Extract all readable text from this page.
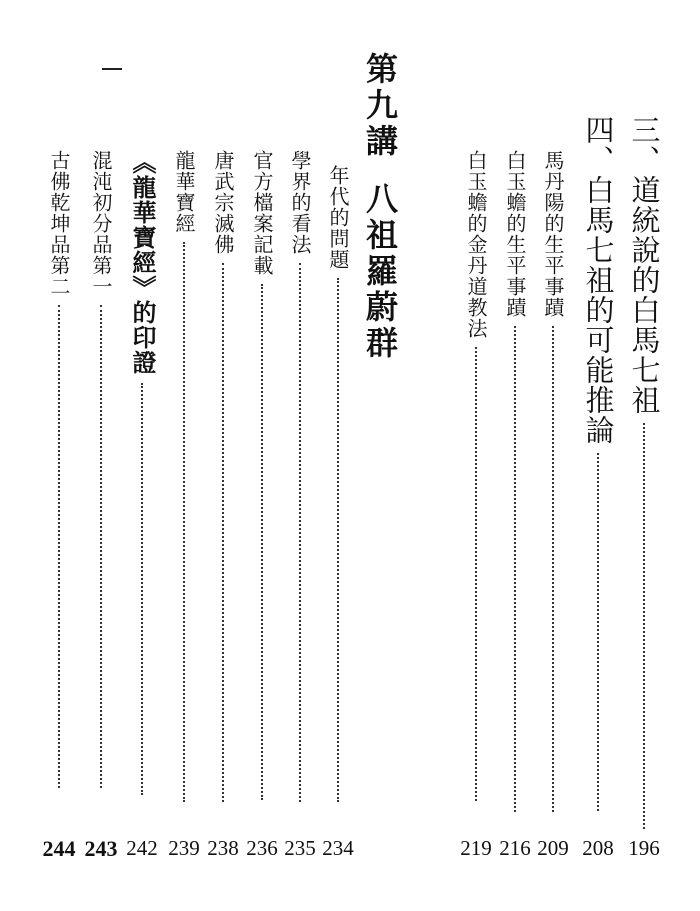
第九講八祖羅蔚群	三、道統說的白馬七祖
196
四、白馬七祖的可能推論
208
馬丹陽的生平事蹟
209
白玉蟾的生平事蹟
216
白玉蟾的金丹道教法
219
年代的問題
234
學界的看法
235
官方檔案記載
236
唐武宗滅佛
238
龍華寶經
239
《龍華寶經》的印證
242
混沌初分品第一
243
古佛乾坤品第二
244
